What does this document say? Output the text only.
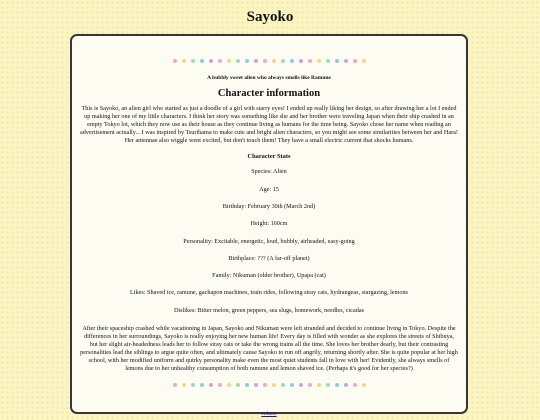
Sayoko

A bubbly sweet alien who always smells like Ramune

Character information

This is Sayoko, an alien girl who started as just a doodle of a girl with starry eyes! I ended up really liking her design, so after drawing her a lot I ended up making her one of my little characters. I think her story was something like she and her brother were traveling Japan when their ship crashed in an empty Tokyo lot, which they now use as their house as they continue living as humans for the time being. Sayoko chose her name when reading an advertisement actually... I was inspired by Tsurihama to make cute and bright alien characters, so you might see some similarities between her and Hara! Her antennae also wiggle went excited, but don't touch them! They have a small electric current that shocks humans.

Character Stats

Species: Alien
Age: 15
Birthday: February 30th (March 2nd)
Height: 160cm
Personality: Excitable, energetic, loud, bubbly, airheaded, easy-going
Birthplace: ??? (A far-off planet)
Family: Nikuman (older brother), Upapa (cat)
Likes: Shaved ice, ramune, gachapon machines, train rides, following stray cats, hydrangeas, stargazing, lemons
Dislikes: Bitter melon, green peppers, sea slugs, homework, needles, cicadas

After their spaceship crashed while vacationing in Japan, Sayoko and Nikuman were left stranded and decided to continue living in Tokyo. Despite the differences in her surroundings, Sayoko is really enjoying her new human life! Every day is filled with wonder as she explores the streets of Shibuya, but her slight air-headedness leads her to follow stray cats or take the wrong trains all the time. She loves her brother dearly, but their contrasting personalities lead the siblings to argue quite often, and ultimately cause Sayoko to run off angrily, returning shortly after. She is quite popular at her high school, with her modified uniform and quirky personality make even the most quiet students fall in love with her! Evidently, she always smells of lemons due to her unhealthy consumption of both ramune and lemon shaved ice. (Perhaps it's good for her species?)

return
